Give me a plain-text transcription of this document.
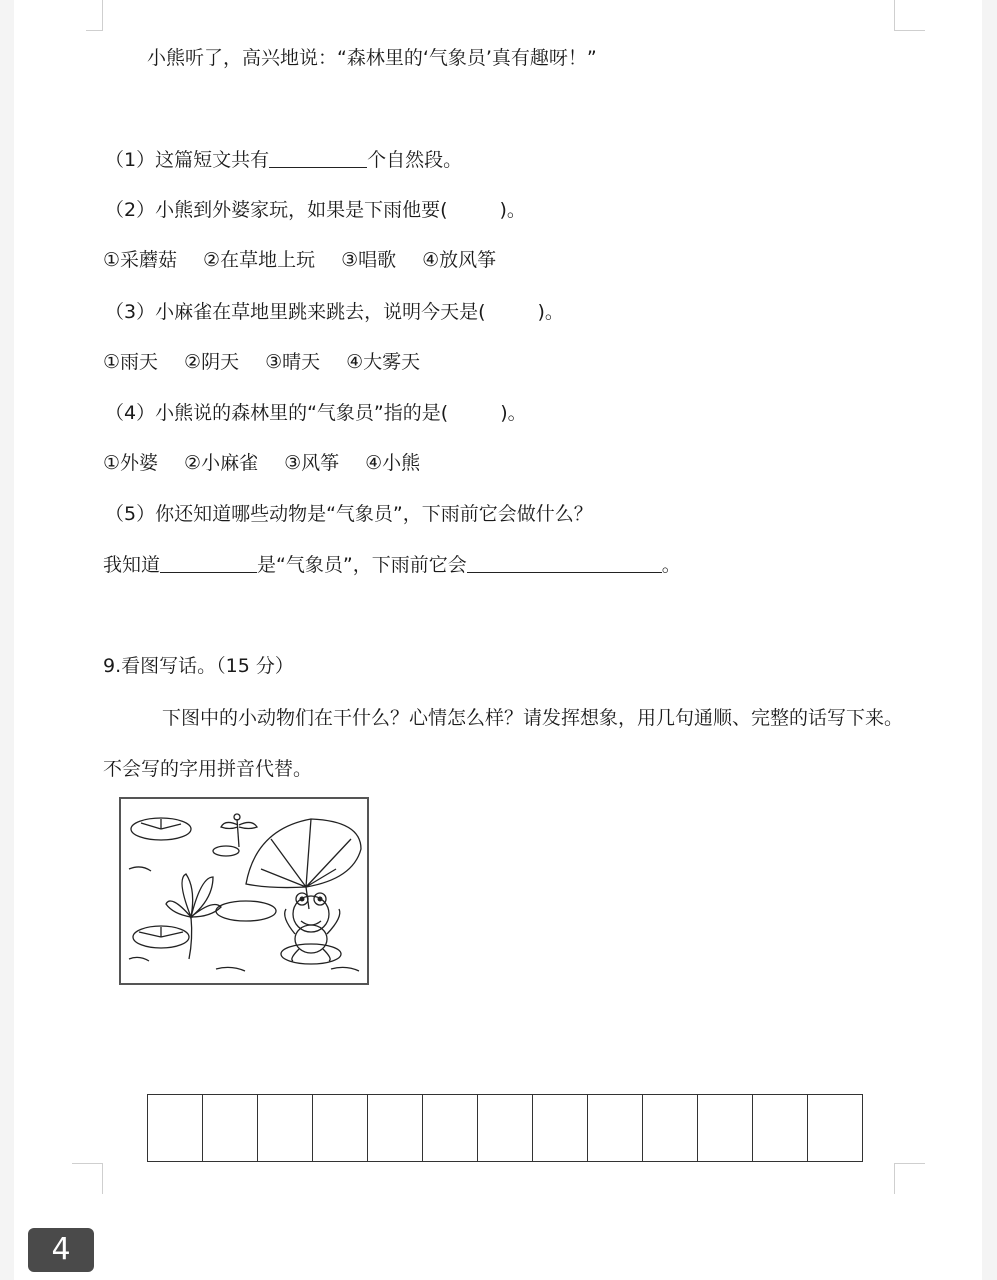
小熊听了，高兴地说：“森林里的‘气象员’真有趣呀！”
（1）这篇短文共有	个自然段。
（2）小熊到外婆家玩，如果是下雨他要(	)。
①采蘑菇 ②在草地上玩 ③唱歌 ④放风筝
（3）小麻雀在草地里跳来跳去，说明今天是(	)。
①雨天 ②阴天 ③晴天 ④大雾天
（4）小熊说的森林里的“气象员”指的是(	)。
①外婆 ②小麻雀 ③风筝 ④小熊
（5）你还知道哪些动物是“气象员”，下雨前它会做什么？
我知道	是“气象员”，下雨前它会	。
9.看图写话。（15 分）
下图中的小动物们在干什么？心情怎么样？请发挥想象，用几句通顺、完整的话写下来。
不会写的字用拼音代替。
4
